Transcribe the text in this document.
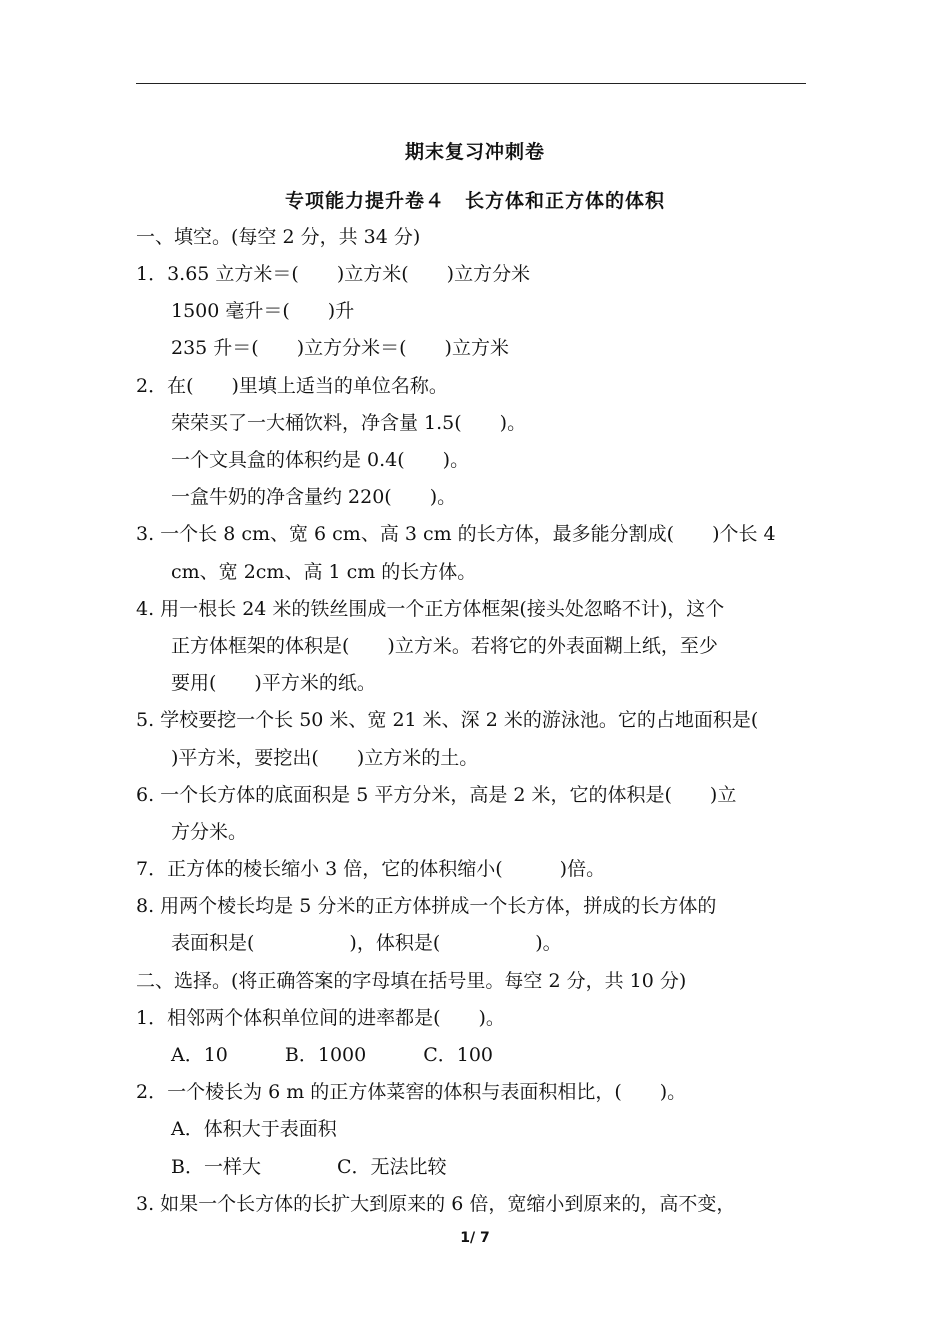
期末复习冲刺卷
专项能力提升卷４　长方体和正方体的体积
一、填空。(每空 2 分，共 34 分)
1．3.65 立方米＝(　　)立方米(　　)立方分米
1500 毫升＝(　　)升
235 升＝(　　)立方分米＝(　　)立方米
2．在(　　)里填上适当的单位名称。
荣荣买了一大桶饮料，净含量 1.5(　　)。
一个文具盒的体积约是 0.4(　　)。
一盒牛奶的净含量约 220(　　)。
3. 一个长 8 cm、宽 6 cm、高 3 cm 的长方体，最多能分割成(　　)个长 4
cm、宽 2cm、高 1 cm 的长方体。
4. 用一根长 24 米的铁丝围成一个正方体框架(接头处忽略不计)，这个
正方体框架的体积是(　　)立方米。若将它的外表面糊上纸，至少
要用(　　)平方米的纸。
5. 学校要挖一个长 50 米、宽 21 米、深 2 米的游泳池。它的占地面积是(
)平方米，要挖出(　　)立方米的土。
6. 一个长方体的底面积是 5 平方分米，高是 2 米，它的体积是(　　)立
方分米。
7．正方体的棱长缩小 3 倍，它的体积缩小(　　　)倍。
8. 用两个棱长均是 5 分米的正方体拼成一个长方体，拼成的长方体的
表面积是(　　　　　)，体积是(　　　　　)。
二、选择。(将正确答案的字母填在括号里。每空 2 分，共 10 分)
1．相邻两个体积单位间的进率都是(　　)。
A．10　　　B．1000　　　C．100
2．一个棱长为 6 m 的正方体菜窖的体积与表面积相比，(　　)。
A．体积大于表面积
B．一样大　　　　C．无法比较
3. 如果一个长方体的长扩大到原来的 6 倍，宽缩小到原来的，高不变，
1/ 7
